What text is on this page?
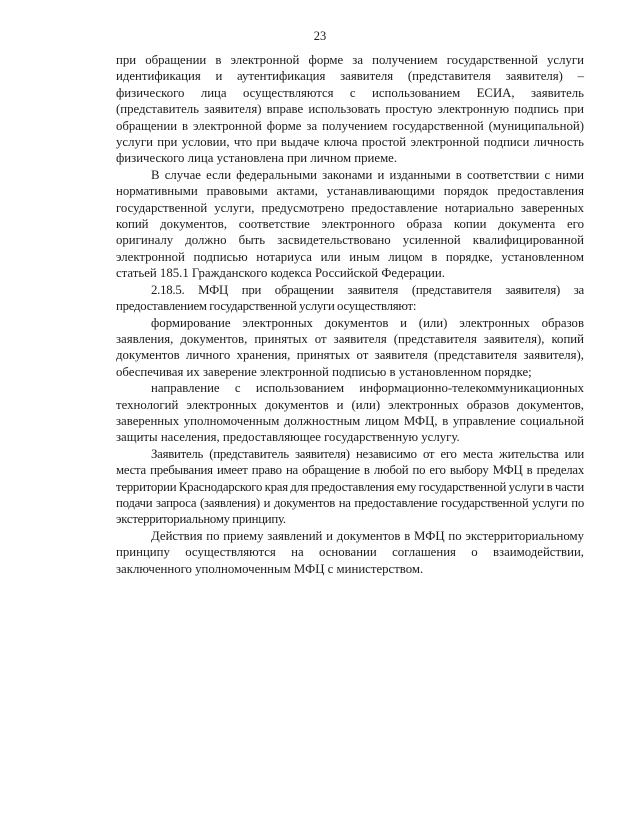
23

при обращении в электронной форме за получением государственной услуги идентификация и аутентификация заявителя (представителя заявителя) – физического лица осуществляются с использованием ЕСИА, заявитель (представитель заявителя) вправе использовать простую электронную подпись при обращении в электронной форме за получением государственной (муниципальной) услуги при условии, что при выдаче ключа простой электронной подписи личность физического лица установлена при личном приеме.

В случае если федеральными законами и изданными в соответствии с ними нормативными правовыми актами, устанавливающими порядок предоставления государственной услуги, предусмотрено предоставление нотариально заверенных копий документов, соответствие электронного образа копии документа его оригиналу должно быть засвидетельствовано усиленной квалифицированной электронной подписью нотариуса или иным лицом в порядке, установленном статьей 185.1 Гражданского кодекса Российской Федерации.

2.18.5. МФЦ при обращении заявителя (представителя заявителя) за предоставлением государственной услуги осуществляют:

формирование электронных документов и (или) электронных образов заявления, документов, принятых от заявителя (представителя заявителя), копий документов личного хранения, принятых от заявителя (представителя заявителя), обеспечивая их заверение электронной подписью в установленном порядке;

направление с использованием информационно-телекоммуникационных технологий электронных документов и (или) электронных образов документов, заверенных уполномоченным должностным лицом МФЦ, в управление социальной защиты населения, предоставляющее государственную услугу.

Заявитель (представитель заявителя) независимо от его места жительства или места пребывания имеет право на обращение в любой по его выбору МФЦ в пределах территории Краснодарского края для предоставления ему государственной услуги в части подачи запроса (заявления) и документов на предоставление государственной услуги по экстерриториальному принципу.

Действия по приему заявлений и документов в МФЦ по экстерриториальному принципу осуществляются на основании соглашения о взаимодействии, заключенного уполномоченным МФЦ с министерством.
